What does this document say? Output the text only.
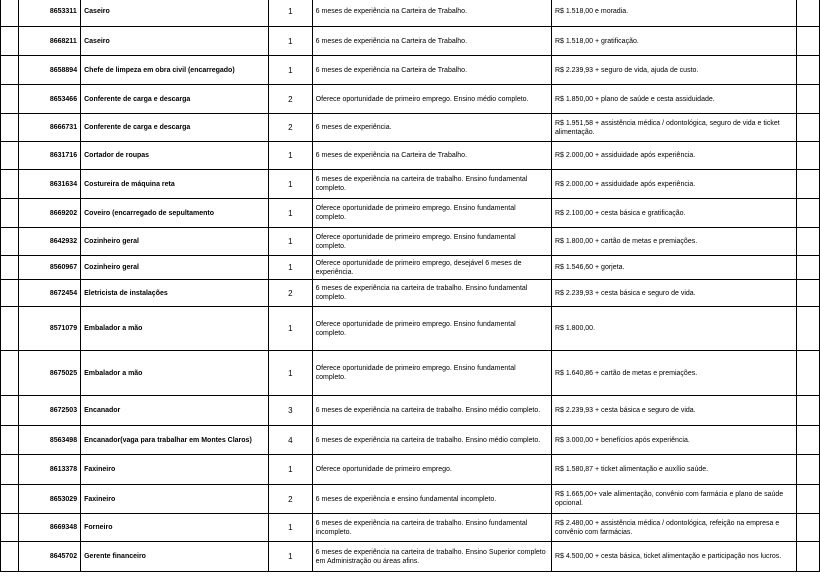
	8653311	Caseiro	1	6 meses de experiência na Carteira de Trabalho.	R$ 1.518,00 e moradia.	
	8668211	Caseiro	1	6 meses de experiência na Carteira de Trabalho.	R$ 1.518,00 + gratificação.	
	8658894	Chefe de limpeza em obra civil (encarregado)	1	6 meses de experiência na Carteira de Trabalho.	R$ 2.239,93 + seguro de vida, ajuda de custo.	
	8653466	Conferente de carga e descarga	2	Oferece oportunidade de primeiro emprego. Ensino médio completo.	R$ 1.850,00 + plano de saúde e cesta assiduidade.	
	8666731	Conferente de carga e descarga	2	6 meses de experiência.	R$ 1.951,58 + assistência médica / odontológica, seguro de vida e ticket alimentação.	
	8631716	Cortador de roupas	1	6 meses de experiência na Carteira de Trabalho.	R$ 2.000,00 + assiduidade após experiência.	
	8631634	Costureira de máquina reta	1	6 meses de experiência na carteira de trabalho. Ensino fundamental completo.	R$ 2.000,00 + assiduidade após experiência.	
	8669202	Coveiro (encarregado de sepultamento	1	Oferece oportunidade de primeiro emprego. Ensino fundamental completo.	R$ 2.100,00 + cesta básica e gratificação.	
	8642932	Cozinheiro geral	1	Oferece oportunidade de primeiro emprego. Ensino fundamental completo.	R$ 1.800,00 + cartão de metas e premiações.	
	8560967	Cozinheiro geral	1	Oferece oportunidade de primeiro emprego, desejável 6 meses de experiência.	R$ 1.546,60 + gorjeta.	
	8672454	Eletricista de instalações	2	6 meses de experiência na carteira de trabalho. Ensino fundamental completo.	R$ 2.239,93 + cesta básica e seguro de vida.	
	8571079	Embalador a mão	1	Oferece oportunidade de primeiro emprego. Ensino fundamental completo.	R$ 1.800,00.	
	8675025	Embalador a mão	1	Oferece oportunidade de primeiro emprego. Ensino fundamental completo.	R$ 1.640,86 + cartão de metas e premiações.	
	8672503	Encanador	3	6 meses de experiência na carteira de trabalho. Ensino médio completo.	R$ 2.239,93 + cesta básica e seguro de vida.	
	8563498	Encanador(vaga para trabalhar em Montes Claros)	4	6 meses de experiência na carteira de trabalho. Ensino médio completo.	R$ 3.000,00 + benefícios após experiência.	
	8613378	Faxineiro	1	Oferece oportunidade de primeiro emprego.	R$ 1.580,87 + ticket alimentação e auxílio saúde.	
	8653029	Faxineiro	2	6 meses de experiência e ensino fundamental incompleto.	R$ 1.665,00+ vale alimentação, convênio com farmácia e plano de saúde opcional.	
	8669348	Forneiro	1	6 meses de experiência na carteira de trabalho. Ensino fundamental incompleto.	R$ 2.480,00 + assistência médica / odontológica, refeição na empresa e convênio com farmácias.	
	8645702	Gerente financeiro	1	6 meses de experiência na carteira de trabalho. Ensino Superior completo em Administração ou áreas afins.	R$ 4.500,00 + cesta básica, ticket alimentação e participação nos lucros.	
